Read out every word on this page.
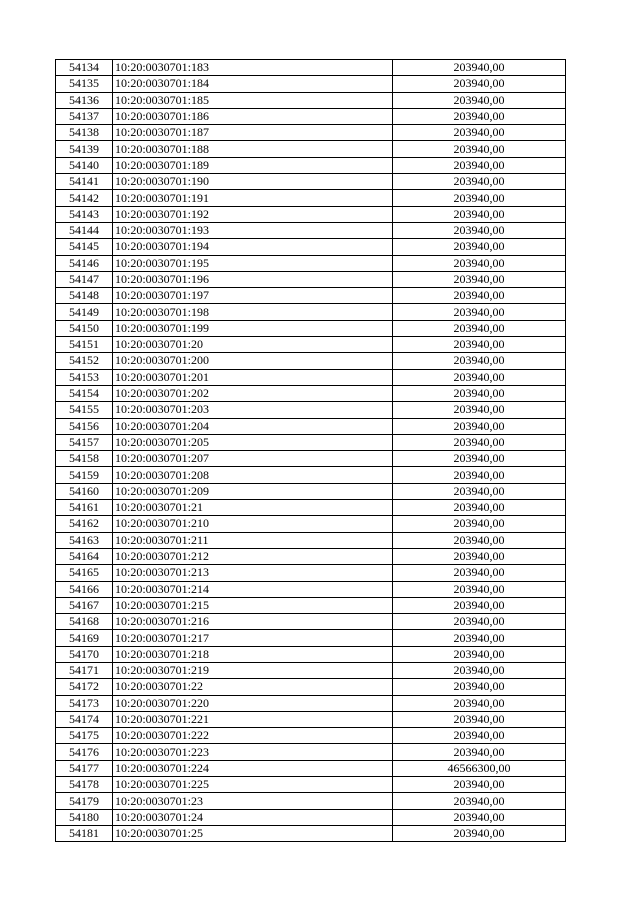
54134	10:20:0030701:183	203940,00
54135	10:20:0030701:184	203940,00
54136	10:20:0030701:185	203940,00
54137	10:20:0030701:186	203940,00
54138	10:20:0030701:187	203940,00
54139	10:20:0030701:188	203940,00
54140	10:20:0030701:189	203940,00
54141	10:20:0030701:190	203940,00
54142	10:20:0030701:191	203940,00
54143	10:20:0030701:192	203940,00
54144	10:20:0030701:193	203940,00
54145	10:20:0030701:194	203940,00
54146	10:20:0030701:195	203940,00
54147	10:20:0030701:196	203940,00
54148	10:20:0030701:197	203940,00
54149	10:20:0030701:198	203940,00
54150	10:20:0030701:199	203940,00
54151	10:20:0030701:20	203940,00
54152	10:20:0030701:200	203940,00
54153	10:20:0030701:201	203940,00
54154	10:20:0030701:202	203940,00
54155	10:20:0030701:203	203940,00
54156	10:20:0030701:204	203940,00
54157	10:20:0030701:205	203940,00
54158	10:20:0030701:207	203940,00
54159	10:20:0030701:208	203940,00
54160	10:20:0030701:209	203940,00
54161	10:20:0030701:21	203940,00
54162	10:20:0030701:210	203940,00
54163	10:20:0030701:211	203940,00
54164	10:20:0030701:212	203940,00
54165	10:20:0030701:213	203940,00
54166	10:20:0030701:214	203940,00
54167	10:20:0030701:215	203940,00
54168	10:20:0030701:216	203940,00
54169	10:20:0030701:217	203940,00
54170	10:20:0030701:218	203940,00
54171	10:20:0030701:219	203940,00
54172	10:20:0030701:22	203940,00
54173	10:20:0030701:220	203940,00
54174	10:20:0030701:221	203940,00
54175	10:20:0030701:222	203940,00
54176	10:20:0030701:223	203940,00
54177	10:20:0030701:224	46566300,00
54178	10:20:0030701:225	203940,00
54179	10:20:0030701:23	203940,00
54180	10:20:0030701:24	203940,00
54181	10:20:0030701:25	203940,00
